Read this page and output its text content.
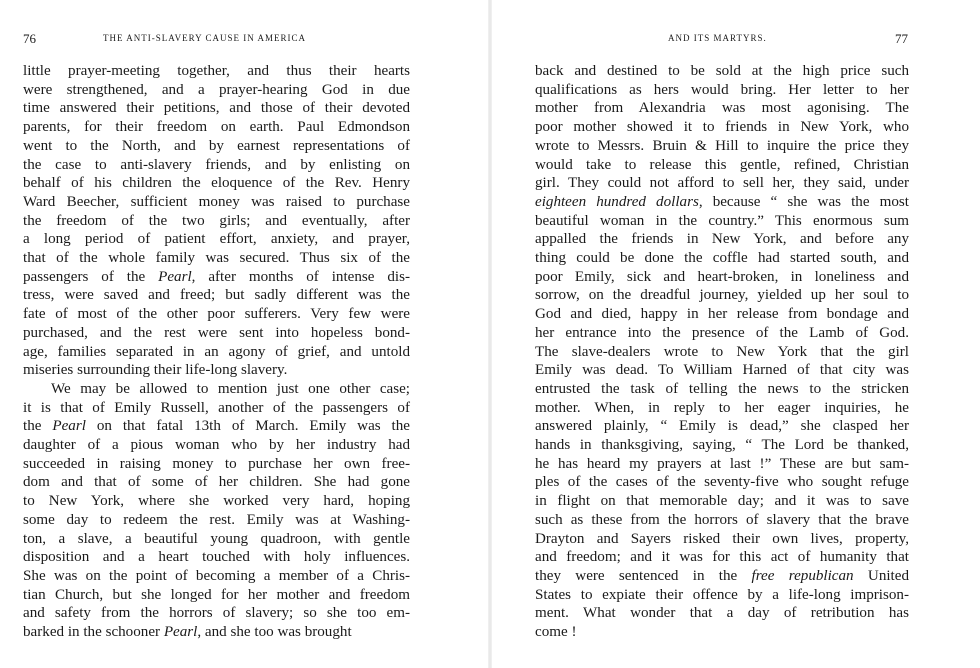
76	THE ANTI-SLAVERY CAUSE IN AMERICA
little prayer-meeting together, and thus their hearts
were strengthened, and a prayer-hearing God in due
time answered their petitions, and those of their devoted
parents, for their freedom on earth. Paul Edmondson
went to the North, and by earnest representations of
the case to anti-slavery friends, and by enlisting on
behalf of his children the eloquence of the Rev. Henry
Ward Beecher, sufficient money was raised to purchase
the freedom of the two girls; and eventually, after
a long period of patient effort, anxiety, and prayer,
that of the whole family was secured. Thus six of the
passengers of the Pearl, after months of intense dis-
tress, were saved and freed; but sadly different was the
fate of most of the other poor sufferers. Very few were
purchased, and the rest were sent into hopeless bond-
age, families separated in an agony of grief, and untold
miseries surrounding their life-long slavery.
We may be allowed to mention just one other case;
it is that of Emily Russell, another of the passengers of
the Pearl on that fatal 13th of March. Emily was the
daughter of a pious woman who by her industry had
succeeded in raising money to purchase her own free-
dom and that of some of her children. She had gone
to New York, where she worked very hard, hoping
some day to redeem the rest. Emily was at Washing-
ton, a slave, a beautiful young quadroon, with gentle
disposition and a heart touched with holy influences.
She was on the point of becoming a member of a Chris-
tian Church, but she longed for her mother and freedom
and safety from the horrors of slavery; so she too em-
barked in the schooner Pearl, and she too was brought
AND ITS MARTYRS.	77
back and destined to be sold at the high price such
qualifications as hers would bring. Her letter to her
mother from Alexandria was most agonising. The
poor mother showed it to friends in New York, who
wrote to Messrs. Bruin & Hill to inquire the price they
would take to release this gentle, refined, Christian
girl. They could not afford to sell her, they said, under
eighteen hundred dollars, because “ she was the most
beautiful woman in the country.” This enormous sum
appalled the friends in New York, and before any
thing could be done the coffle had started south, and
poor Emily, sick and heart-broken, in loneliness and
sorrow, on the dreadful journey, yielded up her soul to
God and died, happy in her release from bondage and
her entrance into the presence of the Lamb of God.
The slave-dealers wrote to New York that the girl
Emily was dead. To William Harned of that city was
entrusted the task of telling the news to the stricken
mother. When, in reply to her eager inquiries, he
answered plainly, “ Emily is dead,” she clasped her
hands in thanksgiving, saying, “ The Lord be thanked,
he has heard my prayers at last !” These are but sam-
ples of the cases of the seventy-five who sought refuge
in flight on that memorable day; and it was to save
such as these from the horrors of slavery that the brave
Drayton and Sayers risked their own lives, property,
and freedom; and it was for this act of humanity that
they were sentenced in the free republican United
States to expiate their offence by a life-long imprison-
ment. What wonder that a day of retribution has
come !
